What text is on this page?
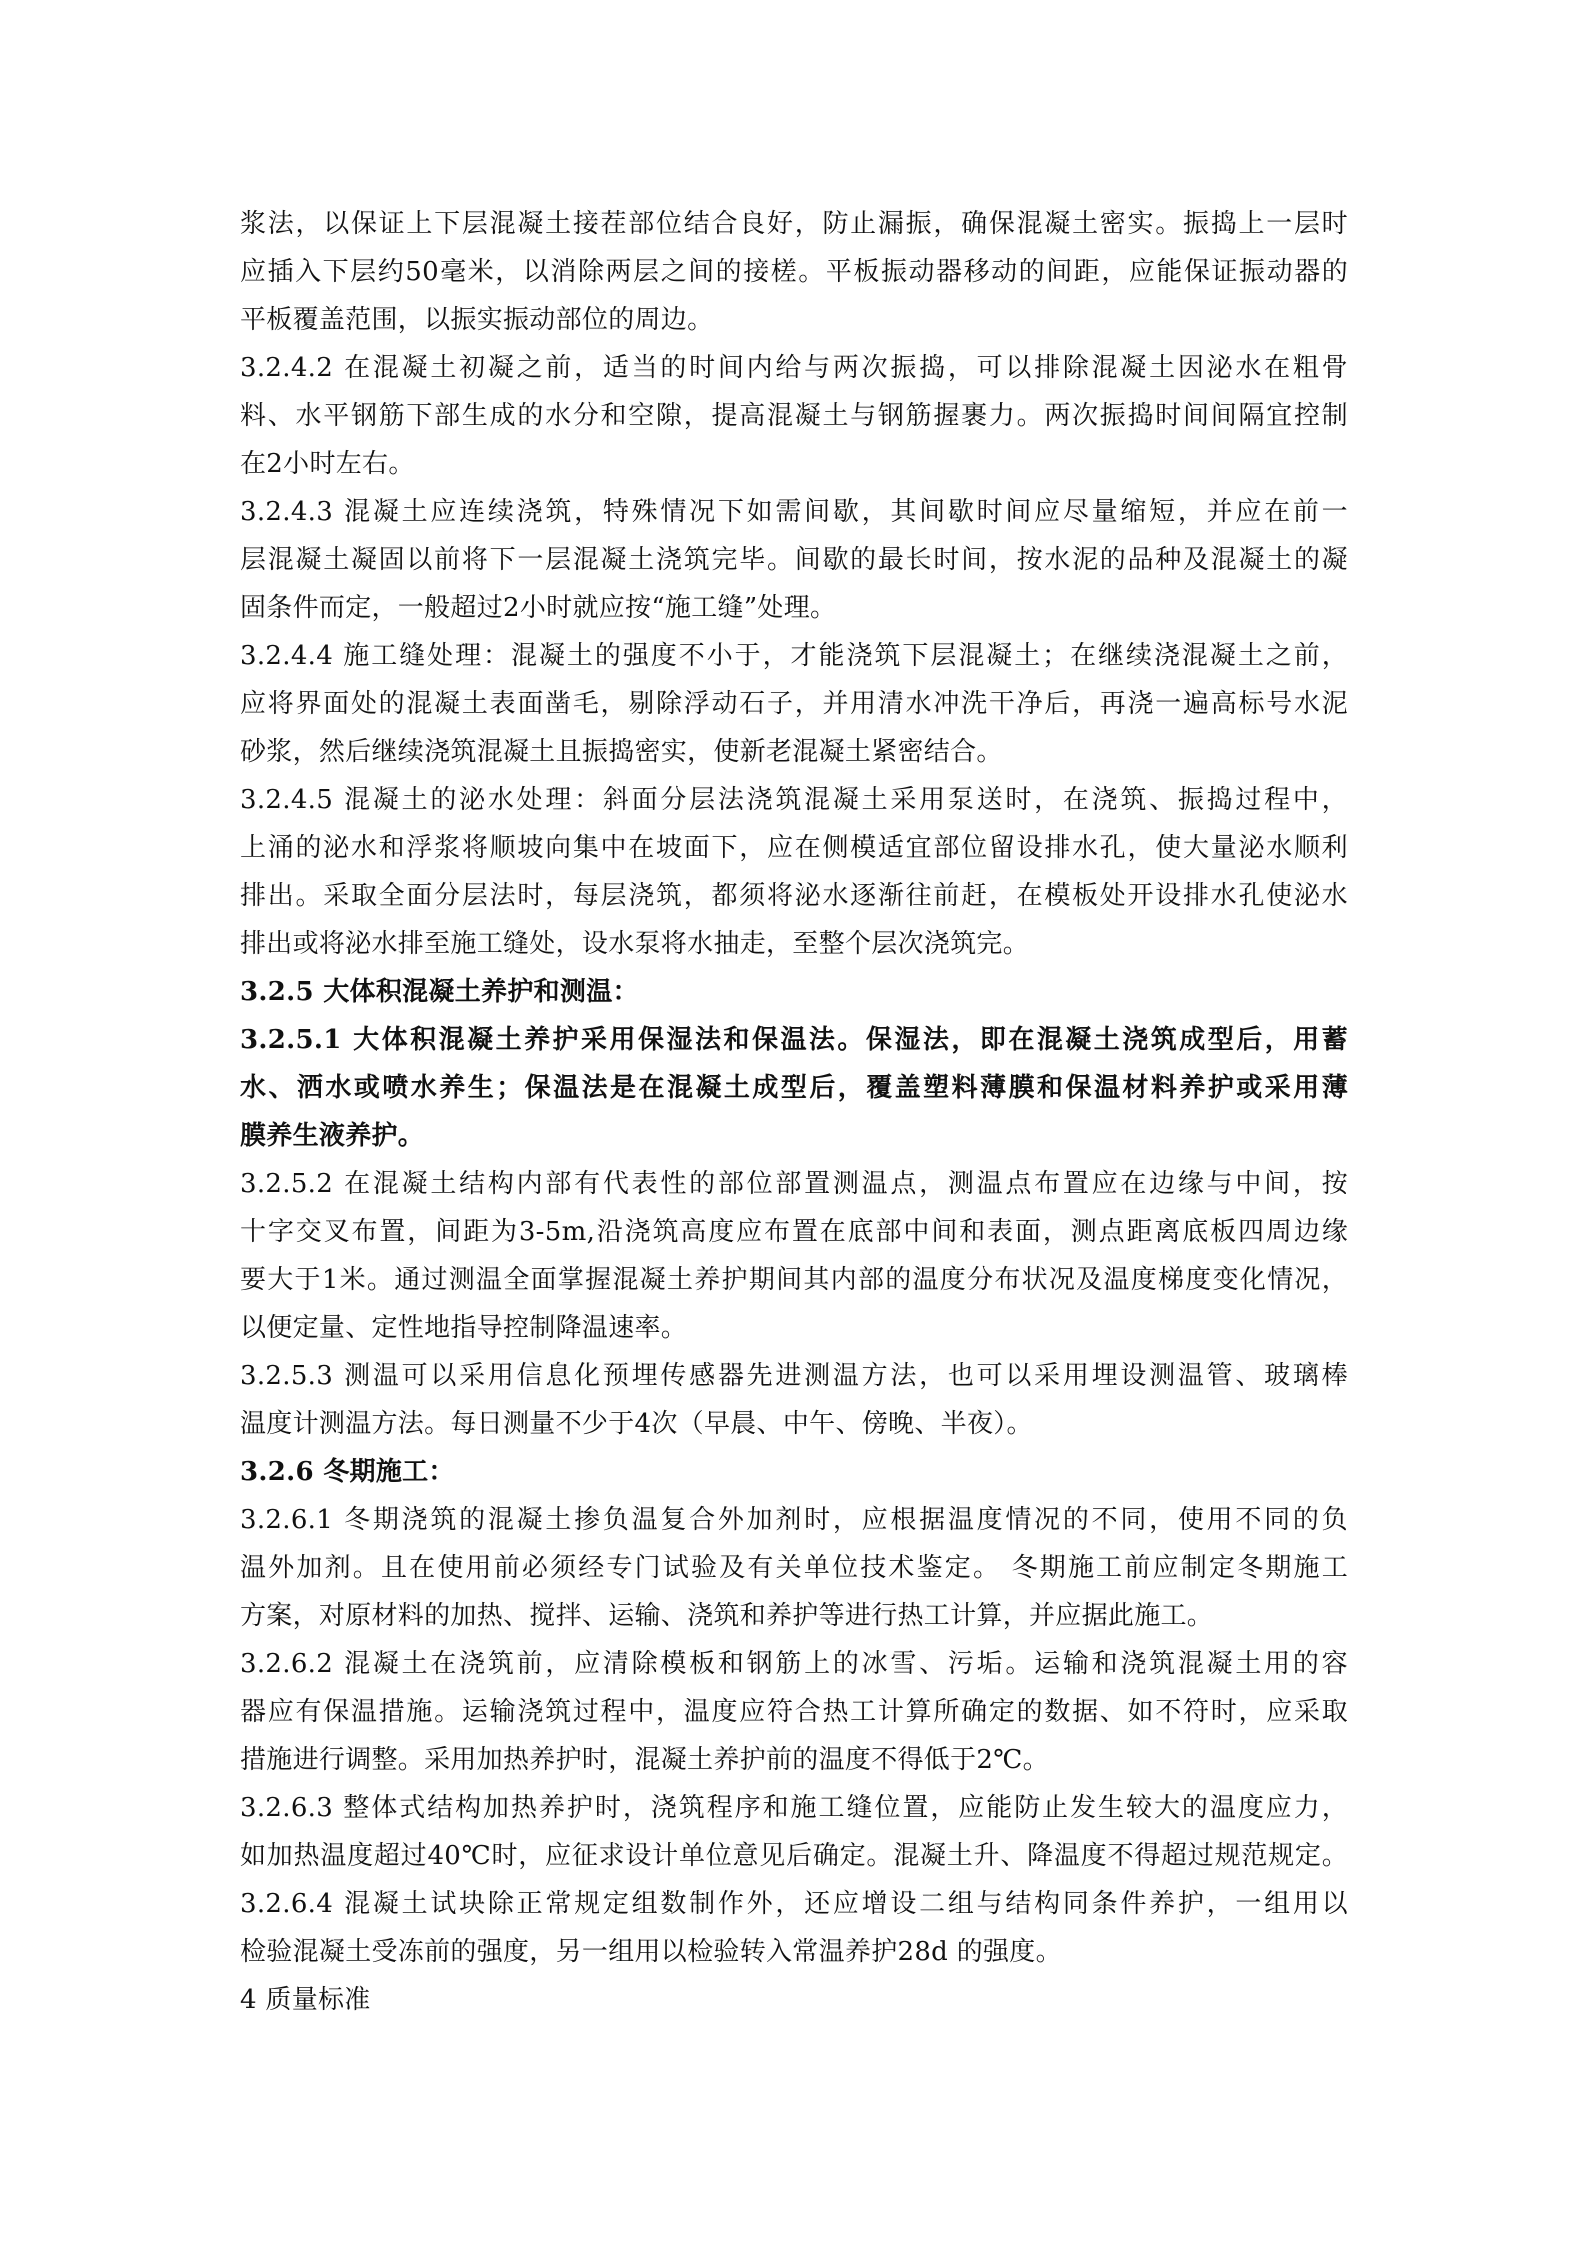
浆法，以保证上下层混凝土接茬部位结合良好，防止漏振，确保混凝土密实。振捣上一层时
应插入下层约50毫米，以消除两层之间的接槎。平板振动器移动的间距，应能保证振动器的
平板覆盖范围，以振实振动部位的周边。
3.2.4.2 在混凝土初凝之前，适当的时间内给与两次振捣，可以排除混凝土因泌水在粗骨
料、水平钢筋下部生成的水分和空隙，提高混凝土与钢筋握裹力。两次振捣时间间隔宜控制
在2小时左右。
3.2.4.3 混凝土应连续浇筑，特殊情况下如需间歇，其间歇时间应尽量缩短，并应在前一
层混凝土凝固以前将下一层混凝土浇筑完毕。间歇的最长时间，按水泥的品种及混凝土的凝
固条件而定，一般超过2小时就应按“施工缝”处理。
3.2.4.4 施工缝处理：混凝土的强度不小于，才能浇筑下层混凝土；在继续浇混凝土之前，
应将界面处的混凝土表面凿毛，剔除浮动石子，并用清水冲洗干净后，再浇一遍高标号水泥
砂浆，然后继续浇筑混凝土且振捣密实，使新老混凝土紧密结合。
3.2.4.5 混凝土的泌水处理：斜面分层法浇筑混凝土采用泵送时，在浇筑、振捣过程中，
上涌的泌水和浮浆将顺坡向集中在坡面下，应在侧模适宜部位留设排水孔，使大量泌水顺利
排出。采取全面分层法时，每层浇筑，都须将泌水逐渐往前赶，在模板处开设排水孔使泌水
排出或将泌水排至施工缝处，设水泵将水抽走，至整个层次浇筑完。
3.2.5 大体积混凝土养护和测温：
3.2.5.1 大体积混凝土养护采用保湿法和保温法。保湿法，即在混凝土浇筑成型后，用蓄
水、洒水或喷水养生；保温法是在混凝土成型后，覆盖塑料薄膜和保温材料养护或采用薄
膜养生液养护。
3.2.5.2 在混凝土结构内部有代表性的部位部置测温点，测温点布置应在边缘与中间，按
十字交叉布置，间距为3-5m,沿浇筑高度应布置在底部中间和表面，测点距离底板四周边缘
要大于1米。通过测温全面掌握混凝土养护期间其内部的温度分布状况及温度梯度变化情况，
以便定量、定性地指导控制降温速率。
3.2.5.3 测温可以采用信息化预埋传感器先进测温方法，也可以采用埋设测温管、玻璃棒
温度计测温方法。每日测量不少于4次（早晨、中午、傍晚、半夜）。
3.2.6 冬期施工：
3.2.6.1 冬期浇筑的混凝土掺负温复合外加剂时，应根据温度情况的不同，使用不同的负
温外加剂。且在使用前必须经专门试验及有关单位技术鉴定。 冬期施工前应制定冬期施工
方案，对原材料的加热、搅拌、运输、浇筑和养护等进行热工计算，并应据此施工。
3.2.6.2 混凝土在浇筑前，应清除模板和钢筋上的冰雪、污垢。运输和浇筑混凝土用的容
器应有保温措施。运输浇筑过程中，温度应符合热工计算所确定的数据、如不符时，应采取
措施进行调整。采用加热养护时，混凝土养护前的温度不得低于2℃。
3.2.6.3 整体式结构加热养护时，浇筑程序和施工缝位置，应能防止发生较大的温度应力，
如加热温度超过40℃时，应征求设计单位意见后确定。混凝土升、降温度不得超过规范规定。
3.2.6.4 混凝土试块除正常规定组数制作外，还应增设二组与结构同条件养护，一组用以
检验混凝土受冻前的强度，另一组用以检验转入常温养护28d 的强度。
4 质量标准
